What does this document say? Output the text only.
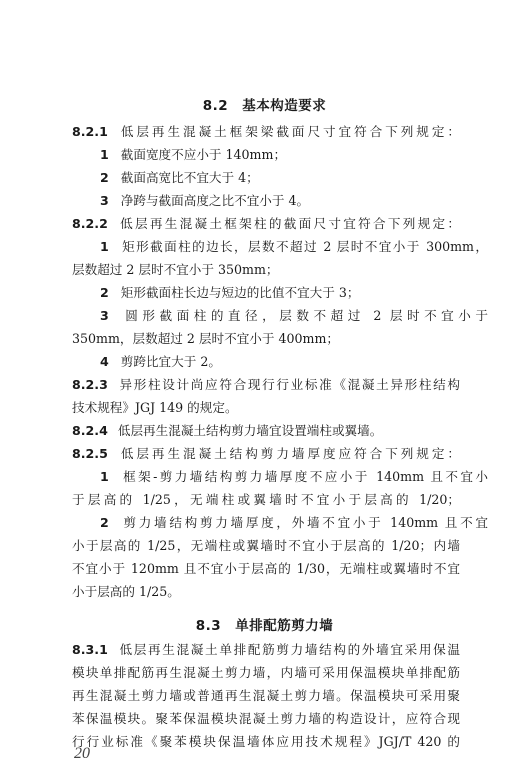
8.2 基本构造要求
8.2.1 低层再生混凝土框架梁截面尺寸宜符合下列规定：
1 截面宽度不应小于 140mm；
2 截面高宽比不宜大于 4；
3 净跨与截面高度之比不宜小于 4。
8.2.2 低层再生混凝土框架柱的截面尺寸宜符合下列规定：
1 矩形截面柱的边长，层数不超过 2 层时不宜小于 300mm，
层数超过 2 层时不宜小于 350mm；
2 矩形截面柱长边与短边的比值不宜大于 3；
3 圆形截面柱的直径，层数不超过 2 层时不宜小于
350mm，层数超过 2 层时不宜小于 400mm；
4 剪跨比宜大于 2。
8.2.3 异形柱设计尚应符合现行行业标准《混凝土异形柱结构
技术规程》JGJ 149 的规定。
8.2.4 低层再生混凝土结构剪力墙宜设置端柱或翼墙。
8.2.5 低层再生混凝土结构剪力墙厚度应符合下列规定：
1 框架-剪力墙结构剪力墙厚度不应小于 140mm 且不宜小
于层高的 1/25，无端柱或翼墙时不宜小于层高的 1/20；
2 剪力墙结构剪力墙厚度，外墙不宜小于 140mm 且不宜
小于层高的 1/25，无端柱或翼墙时不宜小于层高的 1/20；内墙
不宜小于 120mm 且不宜小于层高的 1/30，无端柱或翼墙时不宜
小于层高的 1/25。
8.3 单排配筋剪力墙
8.3.1 低层再生混凝土单排配筋剪力墙结构的外墙宜采用保温
模块单排配筋再生混凝土剪力墙，内墙可采用保温模块单排配筋
再生混凝土剪力墙或普通再生混凝土剪力墙。保温模块可采用聚
苯保温模块。聚苯保温模块混凝土剪力墙的构造设计，应符合现
行行业标准《聚苯模块保温墙体应用技术规程》JGJ/T 420 的
20
